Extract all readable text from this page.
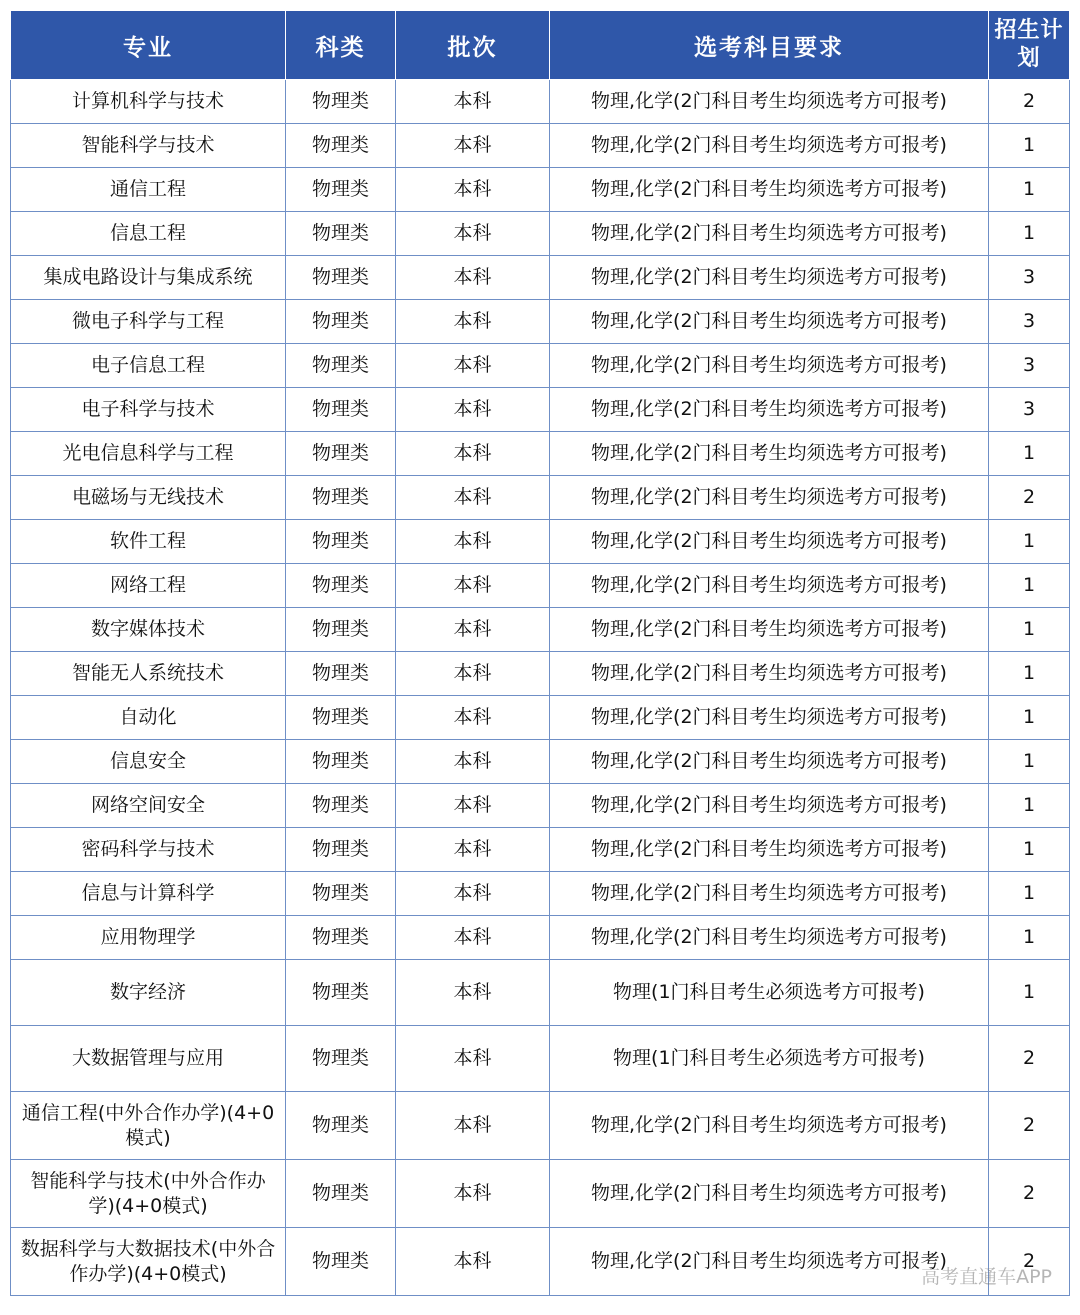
专业	科类	批次	选考科目要求	招生计划
计算机科学与技术	物理类	本科	物理,化学(2门科目考生均须选考方可报考)	2
智能科学与技术	物理类	本科	物理,化学(2门科目考生均须选考方可报考)	1
通信工程	物理类	本科	物理,化学(2门科目考生均须选考方可报考)	1
信息工程	物理类	本科	物理,化学(2门科目考生均须选考方可报考)	1
集成电路设计与集成系统	物理类	本科	物理,化学(2门科目考生均须选考方可报考)	3
微电子科学与工程	物理类	本科	物理,化学(2门科目考生均须选考方可报考)	3
电子信息工程	物理类	本科	物理,化学(2门科目考生均须选考方可报考)	3
电子科学与技术	物理类	本科	物理,化学(2门科目考生均须选考方可报考)	3
光电信息科学与工程	物理类	本科	物理,化学(2门科目考生均须选考方可报考)	1
电磁场与无线技术	物理类	本科	物理,化学(2门科目考生均须选考方可报考)	2
软件工程	物理类	本科	物理,化学(2门科目考生均须选考方可报考)	1
网络工程	物理类	本科	物理,化学(2门科目考生均须选考方可报考)	1
数字媒体技术	物理类	本科	物理,化学(2门科目考生均须选考方可报考)	1
智能无人系统技术	物理类	本科	物理,化学(2门科目考生均须选考方可报考)	1
自动化	物理类	本科	物理,化学(2门科目考生均须选考方可报考)	1
信息安全	物理类	本科	物理,化学(2门科目考生均须选考方可报考)	1
网络空间安全	物理类	本科	物理,化学(2门科目考生均须选考方可报考)	1
密码科学与技术	物理类	本科	物理,化学(2门科目考生均须选考方可报考)	1
信息与计算科学	物理类	本科	物理,化学(2门科目考生均须选考方可报考)	1
应用物理学	物理类	本科	物理,化学(2门科目考生均须选考方可报考)	1
数字经济	物理类	本科	物理(1门科目考生必须选考方可报考)	1
大数据管理与应用	物理类	本科	物理(1门科目考生必须选考方可报考)	2
通信工程(中外合作办学)(4+0模式)	物理类	本科	物理,化学(2门科目考生均须选考方可报考)	2
智能科学与技术(中外合作办学)(4+0模式)	物理类	本科	物理,化学(2门科目考生均须选考方可报考)	2
数据科学与大数据技术(中外合作办学)(4+0模式)	物理类	本科	物理,化学(2门科目考生均须选考方可报考)	2
高考直通车APP
